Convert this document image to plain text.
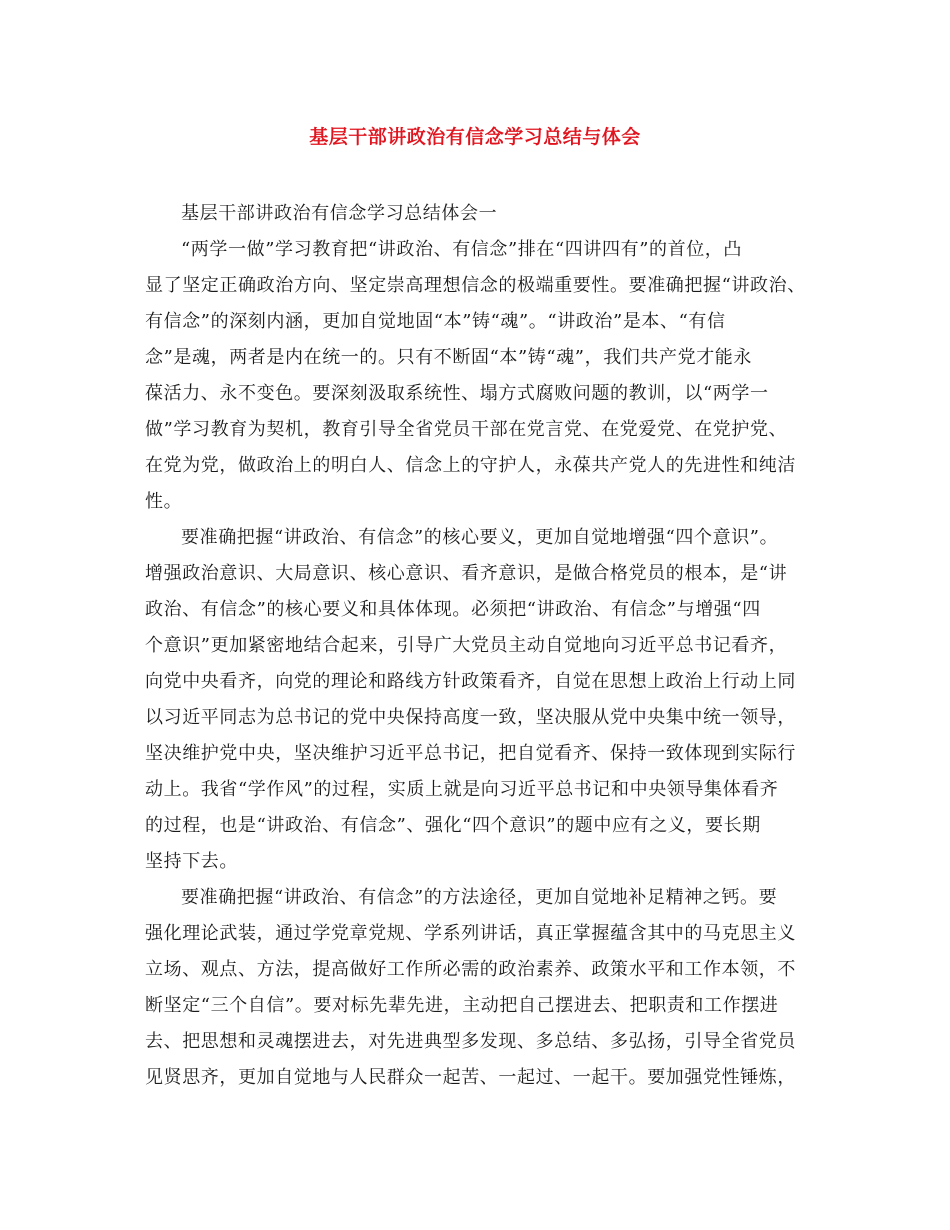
基层干部讲政治有信念学习总结与体会
基层干部讲政治有信念学习总结体会一
“两学一做”学习教育把“讲政治、有信念”排在“四讲四有”的首位，凸
显了坚定正确政治方向、坚定崇高理想信念的极端重要性。要准确把握“讲政治、
有信念”的深刻内涵，更加自觉地固“本”铸“魂”。“讲政治”是本、“有信
念”是魂，两者是内在统一的。只有不断固“本”铸“魂”，我们共产党才能永
葆活力、永不变色。要深刻汲取系统性、塌方式腐败问题的教训，以“两学一
做”学习教育为契机，教育引导全省党员干部在党言党、在党爱党、在党护党、
在党为党，做政治上的明白人、信念上的守护人，永葆共产党人的先进性和纯洁
性。
要准确把握“讲政治、有信念”的核心要义，更加自觉地增强“四个意识”。
增强政治意识、大局意识、核心意识、看齐意识，是做合格党员的根本，是“讲
政治、有信念”的核心要义和具体体现。必须把“讲政治、有信念”与增强“四
个意识”更加紧密地结合起来，引导广大党员主动自觉地向习近平总书记看齐，
向党中央看齐，向党的理论和路线方针政策看齐，自觉在思想上政治上行动上同
以习近平同志为总书记的党中央保持高度一致，坚决服从党中央集中统一领导，
坚决维护党中央，坚决维护习近平总书记，把自觉看齐、保持一致体现到实际行
动上。我省“学作风”的过程，实质上就是向习近平总书记和中央领导集体看齐
的过程，也是“讲政治、有信念”、强化“四个意识”的题中应有之义，要长期
坚持下去。
要准确把握“讲政治、有信念”的方法途径，更加自觉地补足精神之钙。要
强化理论武装，通过学党章党规、学系列讲话，真正掌握蕴含其中的马克思主义
立场、观点、方法，提高做好工作所必需的政治素养、政策水平和工作本领，不
断坚定“三个自信”。要对标先辈先进，主动把自己摆进去、把职责和工作摆进
去、把思想和灵魂摆进去，对先进典型多发现、多总结、多弘扬，引导全省党员
见贤思齐，更加自觉地与人民群众一起苦、一起过、一起干。要加强党性锤炼，
